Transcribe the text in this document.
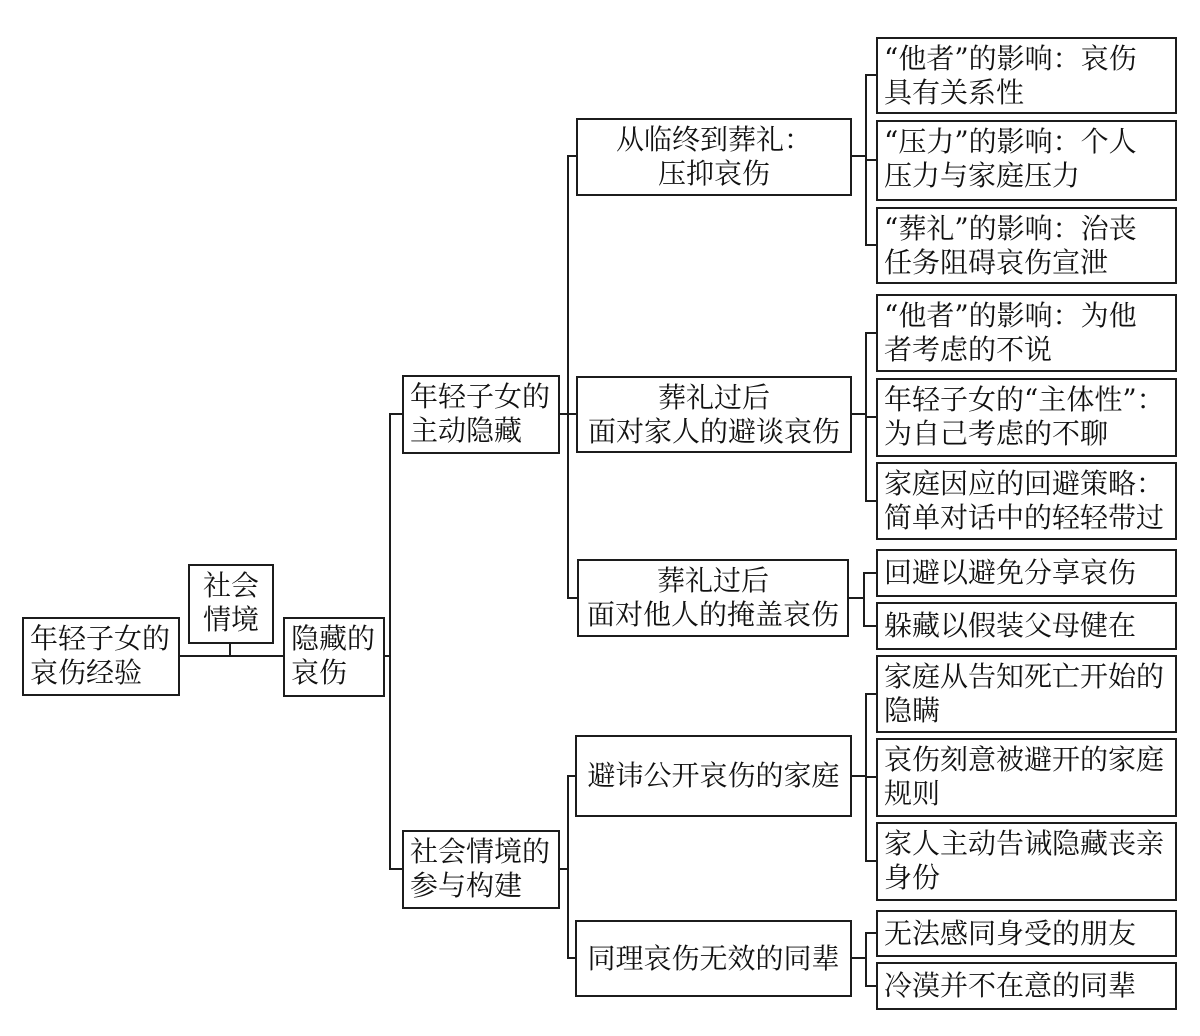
年轻子女的
哀伤经验
社会
情境
隐藏的
哀伤
年轻子女的
主动隐藏
社会情境的
参与构建
从临终到葬礼：
压抑哀伤
葬礼过后
面对家人的避谈哀伤
葬礼过后
面对他人的掩盖哀伤
避讳公开哀伤的家庭
同理哀伤无效的同辈
“他者”的影响：哀伤
具有关系性
“压力”的影响：个人
压力与家庭压力
“葬礼”的影响：治丧
任务阻碍哀伤宣泄
“他者”的影响：为他
者考虑的不说
年轻子女的“主体性”：
为自己考虑的不聊
家庭因应的回避策略：
简单对话中的轻轻带过
回避以避免分享哀伤
躲藏以假装父母健在
家庭从告知死亡开始的
隐瞒
哀伤刻意被避开的家庭
规则
家人主动告诫隐藏丧亲
身份
无法感同身受的朋友
冷漠并不在意的同辈
